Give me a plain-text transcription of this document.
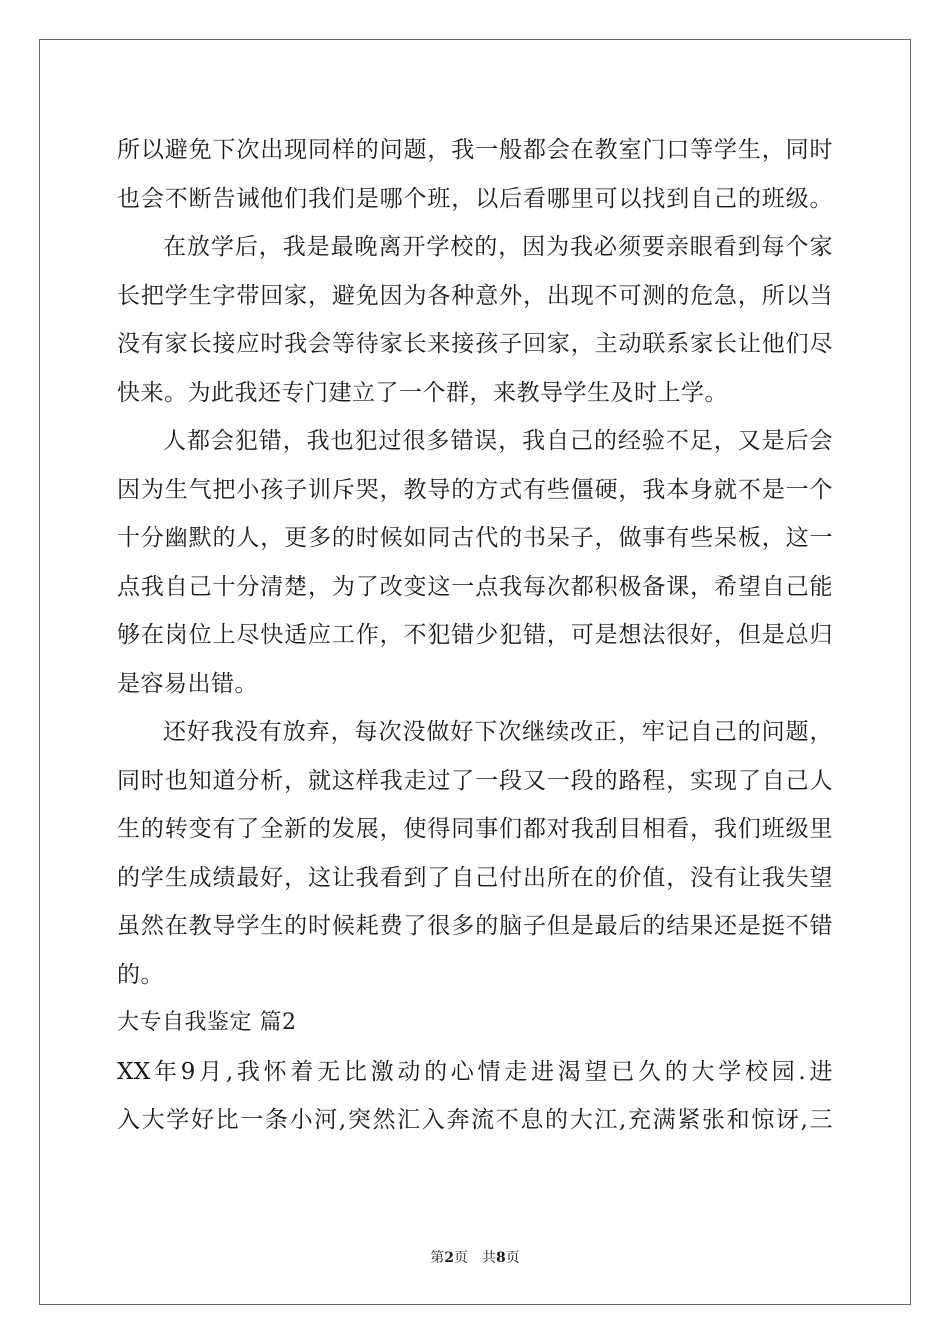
所以避免下次出现同样的问题，我一般都会在教室门口等学生，同时
也会不断告诫他们我们是哪个班，以后看哪里可以找到自己的班级。
在放学后，我是最晚离开学校的，因为我必须要亲眼看到每个家
长把学生字带回家，避免因为各种意外，出现不可测的危急，所以当
没有家长接应时我会等待家长来接孩子回家，主动联系家长让他们尽
快来。为此我还专门建立了一个群，来教导学生及时上学。
人都会犯错，我也犯过很多错误，我自己的经验不足，又是后会
因为生气把小孩子训斥哭，教导的方式有些僵硬，我本身就不是一个
十分幽默的人，更多的时候如同古代的书呆子，做事有些呆板，这一
点我自己十分清楚，为了改变这一点我每次都积极备课，希望自己能
够在岗位上尽快适应工作，不犯错少犯错，可是想法很好，但是总归
是容易出错。
还好我没有放弃，每次没做好下次继续改正，牢记自己的问题，
同时也知道分析，就这样我走过了一段又一段的路程，实现了自己人
生的转变有了全新的发展，使得同事们都对我刮目相看，我们班级里
的学生成绩最好，这让我看到了自己付出所在的价值，没有让我失望
虽然在教导学生的时候耗费了很多的脑子但是最后的结果还是挺不错
的。
大专自我鉴定 篇2
XX年9月,我怀着无比激动的心情走进渴望已久的大学校园.进
入大学好比一条小河,突然汇入奔流不息的大江,充满紧张和惊讶,三
第2页 共8页
